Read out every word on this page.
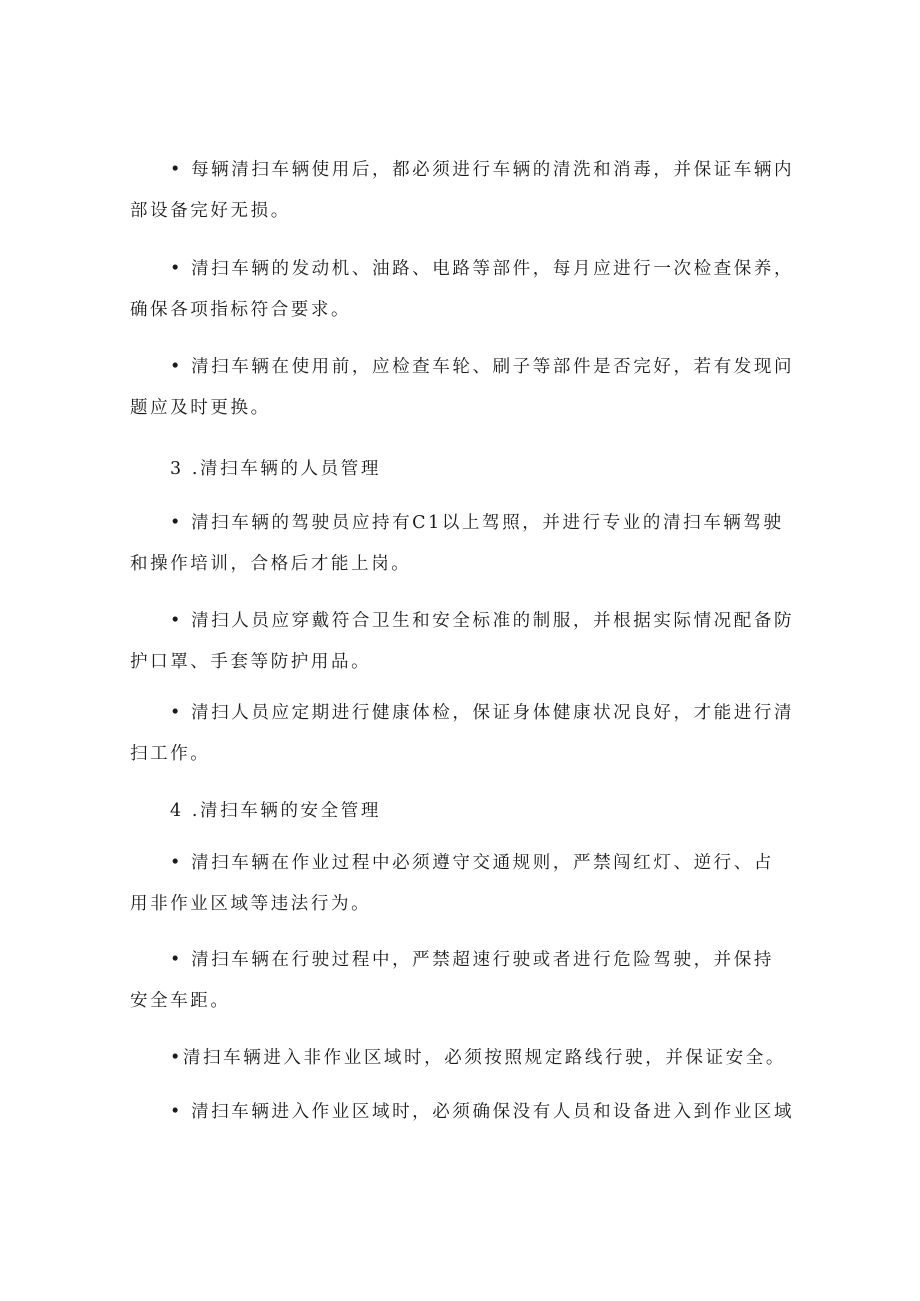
• 每辆清扫车辆使用后，都必须进行车辆的清洗和消毒，并保证车辆内
部设备完好无损。
• 清扫车辆的发动机、油路、电路等部件，每月应进行一次检查保养，
确保各项指标符合要求。
• 清扫车辆在使用前，应检查车轮、刷子等部件是否完好，若有发现问
题应及时更换。
3 .清扫车辆的人员管理
• 清扫车辆的驾驶员应持有C1以上驾照，并进行专业的清扫车辆驾驶
和操作培训，合格后才能上岗。
• 清扫人员应穿戴符合卫生和安全标准的制服，并根据实际情况配备防
护口罩、手套等防护用品。
• 清扫人员应定期进行健康体检，保证身体健康状况良好，才能进行清
扫工作。
4 .清扫车辆的安全管理
• 清扫车辆在作业过程中必须遵守交通规则，严禁闯红灯、逆行、占
用非作业区域等违法行为。
• 清扫车辆在行驶过程中，严禁超速行驶或者进行危险驾驶，并保持
安全车距。
•清扫车辆进入非作业区域时，必须按照规定路线行驶，并保证安全。
• 清扫车辆进入作业区域时，必须确保没有人员和设备进入到作业区域
